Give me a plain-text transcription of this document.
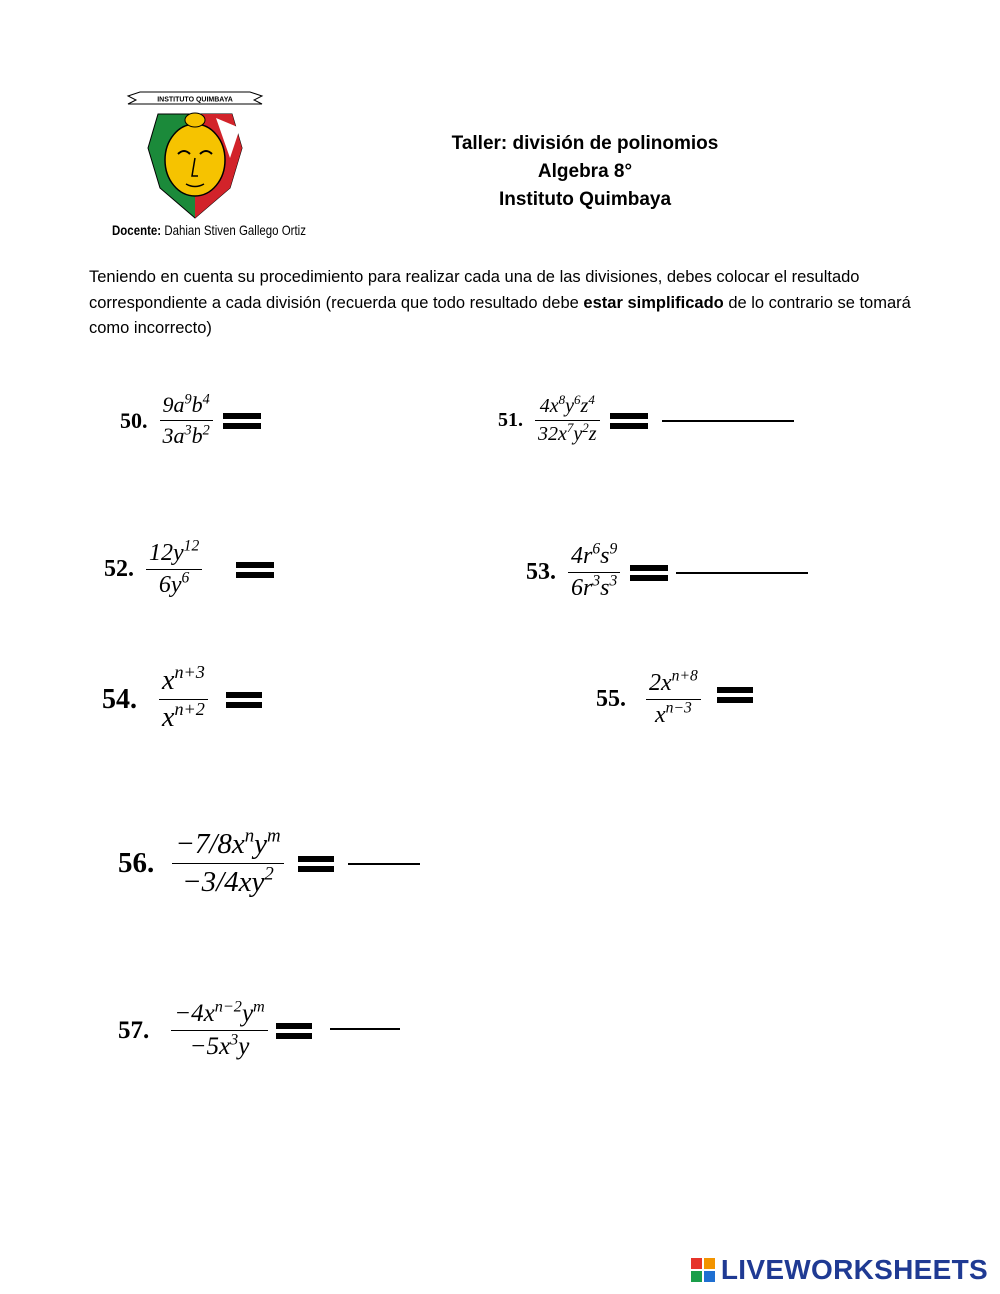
INSTITUTO QUIMBAYA
Docente: Dahian Stiven Gallego Ortiz
Taller: división de polinomios
Algebra 8°
Instituto Quimbaya
Teniendo en cuenta su procedimiento para realizar cada una de las divisiones, debes colocar el resultado correspondiente a cada división (recuerda que todo resultado debe estar simplificado de lo contrario se tomará como incorrecto)
50. $\frac{9a^9b^4}{3a^3b^2}$	51. $\frac{4x^8y^6z^4}{32x^7y^2z}$
52. $\frac{12y^{12}}{6y^6}$	53. $\frac{4r^6s^9}{6r^3s^3}$
54. $\frac{x^{n+3}}{x^{n+2}}$	55. $\frac{2x^{n+8}}{x^{n-3}}$
56. $\frac{-7/8x^ny^m}{-3/4xy^2}$
57. $\frac{-4x^{n-2}y^m}{-5x^3y}$
LIVEWORKSHEETS
